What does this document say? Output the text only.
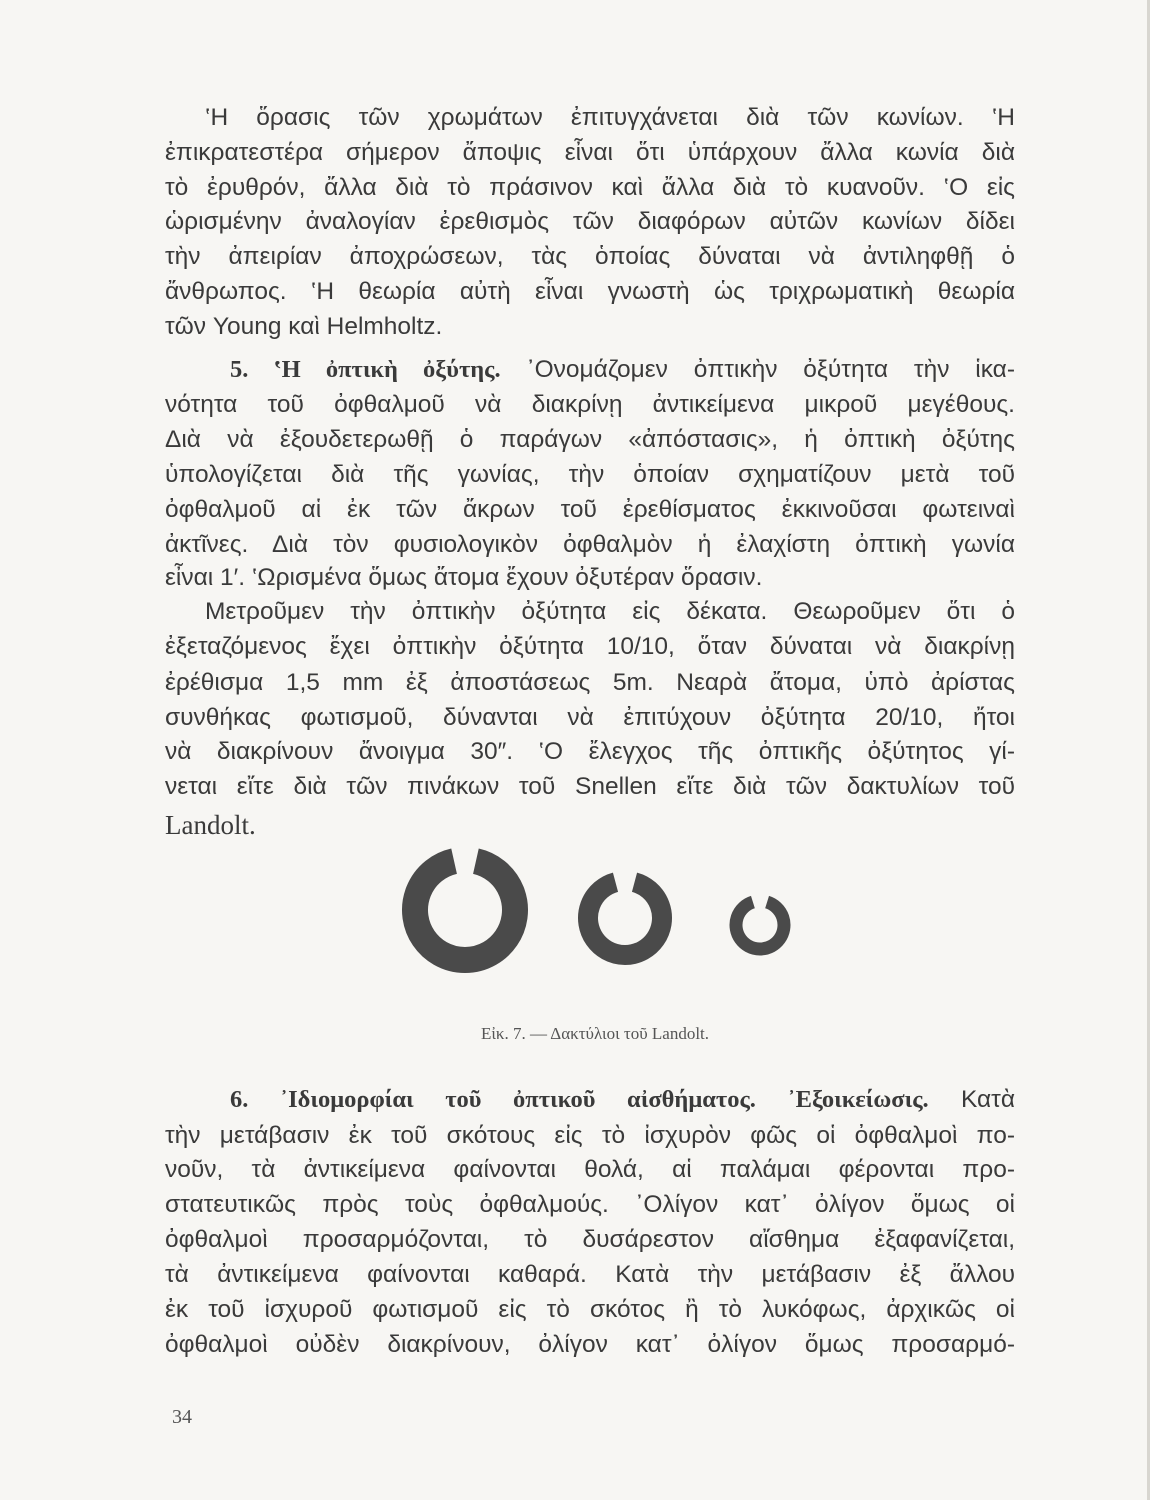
‛Η ὅρασις τῶν χρωμάτων ἐπιτυγχάνεται διὰ τῶν κωνίων. ‛Η
ἐπικρατεστέρα σήμερον ἄποψις εἶναι ὅτι ὑπάρχουν ἄλλα κωνία διὰ
τὸ ἐρυθρόν, ἄλλα διὰ τὸ πράσινον καὶ ἄλλα διὰ τὸ κυανοῦν. ‛Ο εἰς
ὡρισμένην ἀναλογίαν ἐρεθισμὸς τῶν διαφόρων αὐτῶν κωνίων δίδει
τὴν ἀπειρίαν ἀποχρώσεων, τὰς ὁποίας δύναται νὰ ἀντιληφθῇ ὁ
ἄνθρωπος. ‛Η θεωρία αὐτὴ εἶναι γνωστὴ ὡς τριχρωματικὴ θεωρία
τῶν Young καὶ Helmholtz.
5. ‛Η ὀπτικὴ ὀξύτης. ᾿Ονομάζομεν ὀπτικὴν ὀξύτητα τὴν ἱκα-
νότητα τοῦ ὀφθαλμοῦ νὰ διακρίνῃ ἀντικείμενα μικροῦ μεγέθους.
Διὰ νὰ ἐξουδετερωθῇ ὁ παράγων «ἀπόστασις», ἡ ὀπτικὴ ὀξύτης
ὑπολογίζεται διὰ τῆς γωνίας, τὴν ὁποίαν σχηματίζουν μετὰ τοῦ
ὀφθαλμοῦ αἱ ἐκ τῶν ἄκρων τοῦ ἐρεθίσματος ἐκκινοῦσαι φωτειναὶ
ἀκτῖνες. Διὰ τὸν φυσιολογικὸν ὀφθαλμὸν ἡ ἐλαχίστη ὀπτικὴ γωνία
εἶναι 1′. ‛Ωρισμένα ὅμως ἄτομα ἔχουν ὀξυτέραν ὅρασιν.
Μετροῦμεν τὴν ὀπτικὴν ὀξύτητα εἰς δέκατα. Θεωροῦμεν ὅτι ὁ
ἐξεταζόμενος ἔχει ὀπτικὴν ὀξύτητα 10/10, ὅταν δύναται νὰ διακρίνῃ
ἐρέθισμα 1,5 mm ἐξ ἀποστάσεως 5m. Νεαρὰ ἄτομα, ὑπὸ ἀρίστας
συνθήκας φωτισμοῦ, δύνανται νὰ ἐπιτύχουν ὀξύτητα 20/10, ἤτοι
νὰ διακρίνουν ἄνοιγμα 30″. ‛Ο ἔλεγχος τῆς ὀπτικῆς ὀξύτητος γί-
νεται εἴτε διὰ τῶν πινάκων τοῦ Snellen εἴτε διὰ τῶν δακτυλίων τοῦ
Landolt.
Εἰκ. 7. — Δακτύλιοι τοῦ Landolt.
6. ᾿Ιδιομορφίαι τοῦ ὀπτικοῦ αἰσθήματος. ᾿Εξοικείωσις. Κατὰ
τὴν μετάβασιν ἐκ τοῦ σκότους εἰς τὸ ἰσχυρὸν φῶς οἱ ὀφθαλμοὶ πο-
νοῦν, τὰ ἀντικείμενα φαίνονται θολά, αἱ παλάμαι φέρονται προ-
στατευτικῶς πρὸς τοὺς ὀφθαλμούς. ᾿Ολίγον κατ᾿ ὀλίγον ὅμως οἱ
ὀφθαλμοὶ προσαρμόζονται, τὸ δυσάρεστον αἴσθημα ἐξαφανίζεται,
τὰ ἀντικείμενα φαίνονται καθαρά. Κατὰ τὴν μετάβασιν ἐξ ἄλλου
ἐκ τοῦ ἰσχυροῦ φωτισμοῦ εἰς τὸ σκότος ἢ τὸ λυκόφως, ἀρχικῶς οἱ
ὀφθαλμοὶ οὐδὲν διακρίνουν, ὀλίγον κατ᾿ ὀλίγον ὅμως προσαρμό-
34
